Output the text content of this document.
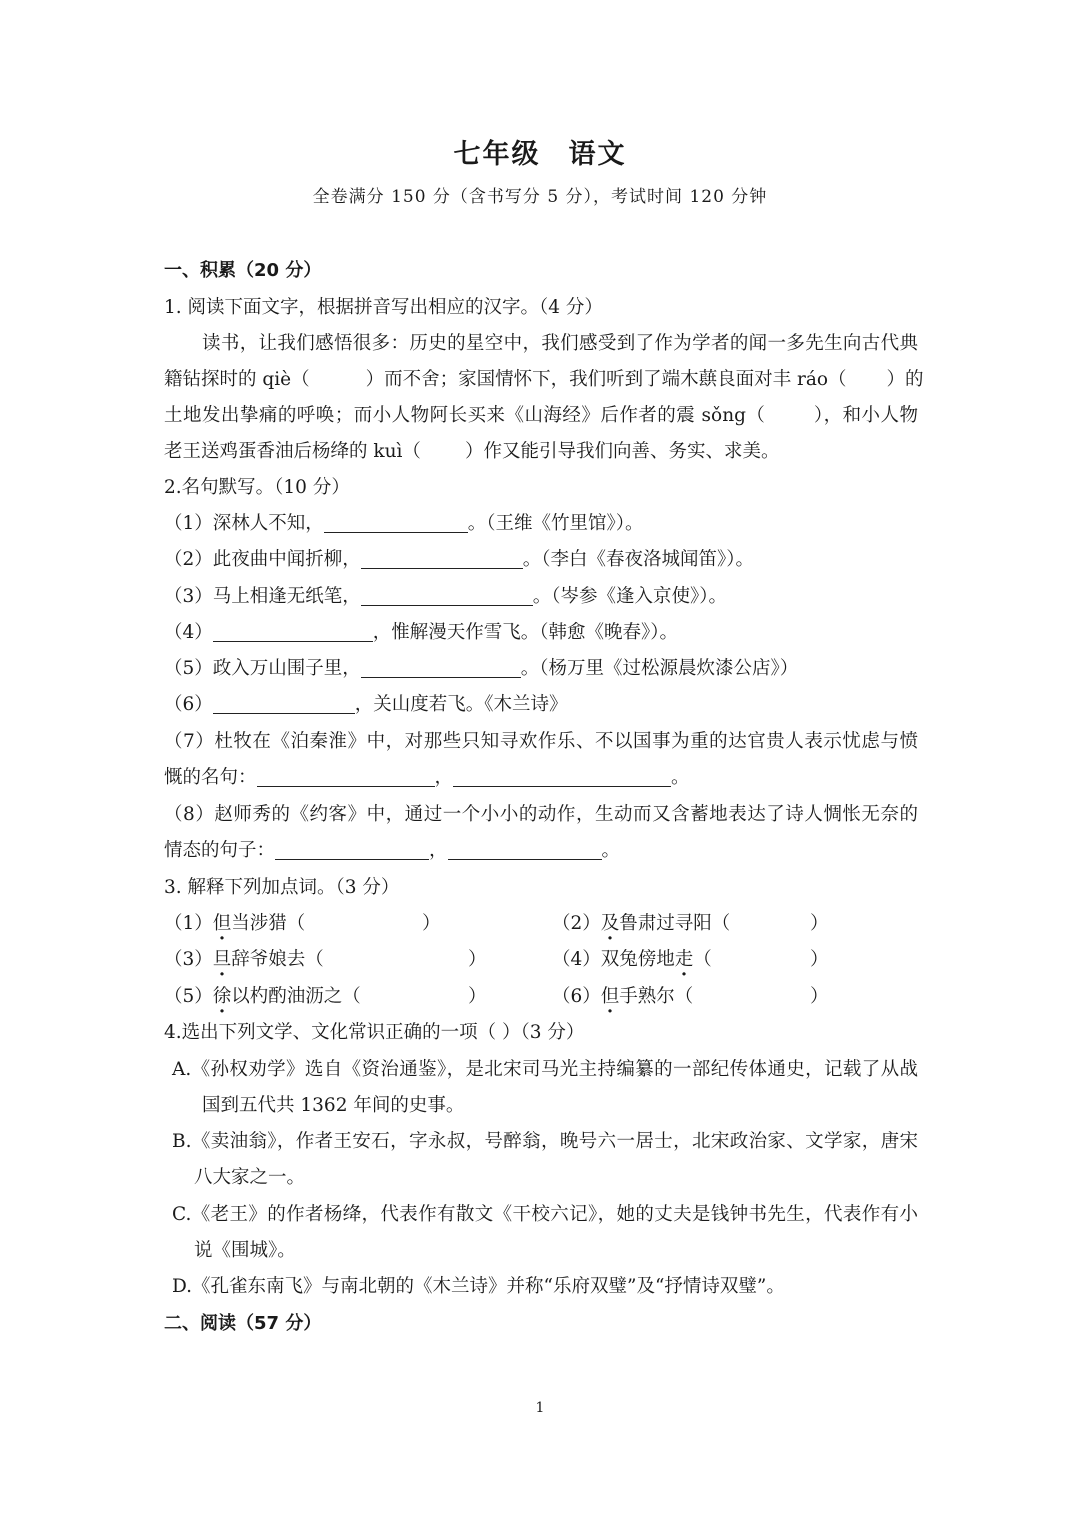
七年级 语文
全卷满分 150 分（含书写分 5 分），考试时间 120 分钟
一、积累（20 分）
1. 阅读下面文字，根据拼音写出相应的汉字。（4 分）
读书，让我们感悟很多：历史的星空中，我们感受到了作为学者的闻一多先生向古代典
籍钻探时的 qiè（	）而不舍；家国情怀下，我们听到了端木蕻良面对丰 ráo（ ）的
土地发出挚痛的呼唤；而小人物阿长买来《山海经》后作者的震 sǒng（	），和小人物
老王送鸡蛋香油后杨绛的 kuì（ ）作又能引导我们向善、务实、求美。
2.名句默写。（10 分）
（1）深林人不知，	。（王维《竹里馆》）。
（2）此夜曲中闻折柳，	。（李白《春夜洛城闻笛》）。
（3）马上相逢无纸笔，	。（岑参《逢入京使》）。
（4）	，惟解漫天作雪飞。（韩愈《晚春》）。
（5）政入万山围子里，	。（杨万里《过松源晨炊漆公店》）
（6）	，关山度若飞。《木兰诗》
（7）杜牧在《泊秦淮》中，对那些只知寻欢作乐、不以国事为重的达官贵人表示忧虑与愤
慨的名句：	，	。
（8）赵师秀的《约客》中，通过一个小小的动作，生动而又含蓄地表达了诗人惆怅无奈的
情态的句子：	，	。
3. 解释下列加点词。（3 分）
（1）但当涉猎（	）	（2）及鲁肃过寻阳（	）
（3）旦辞爷娘去（	）	（4）双兔傍地走（	）
（5）徐以杓酌油沥之（	）	（6）但手熟尔（	）
4.选出下列文学、文化常识正确的一项（ ）（3 分）
A.《孙权劝学》选自《资治通鉴》，是北宋司马光主持编纂的一部纪传体通史，记载了从战
国到五代共 1362 年间的史事。
B.《卖油翁》，作者王安石，字永叔，号醉翁，晚号六一居士，北宋政治家、文学家，唐宋
八大家之一。
C.《老王》的作者杨绛，代表作有散文《干校六记》，她的丈夫是钱钟书先生，代表作有小
说《围城》。
D.《孔雀东南飞》与南北朝的《木兰诗》并称“乐府双璧”及“抒情诗双璧”。
二、阅读（57 分）
1
